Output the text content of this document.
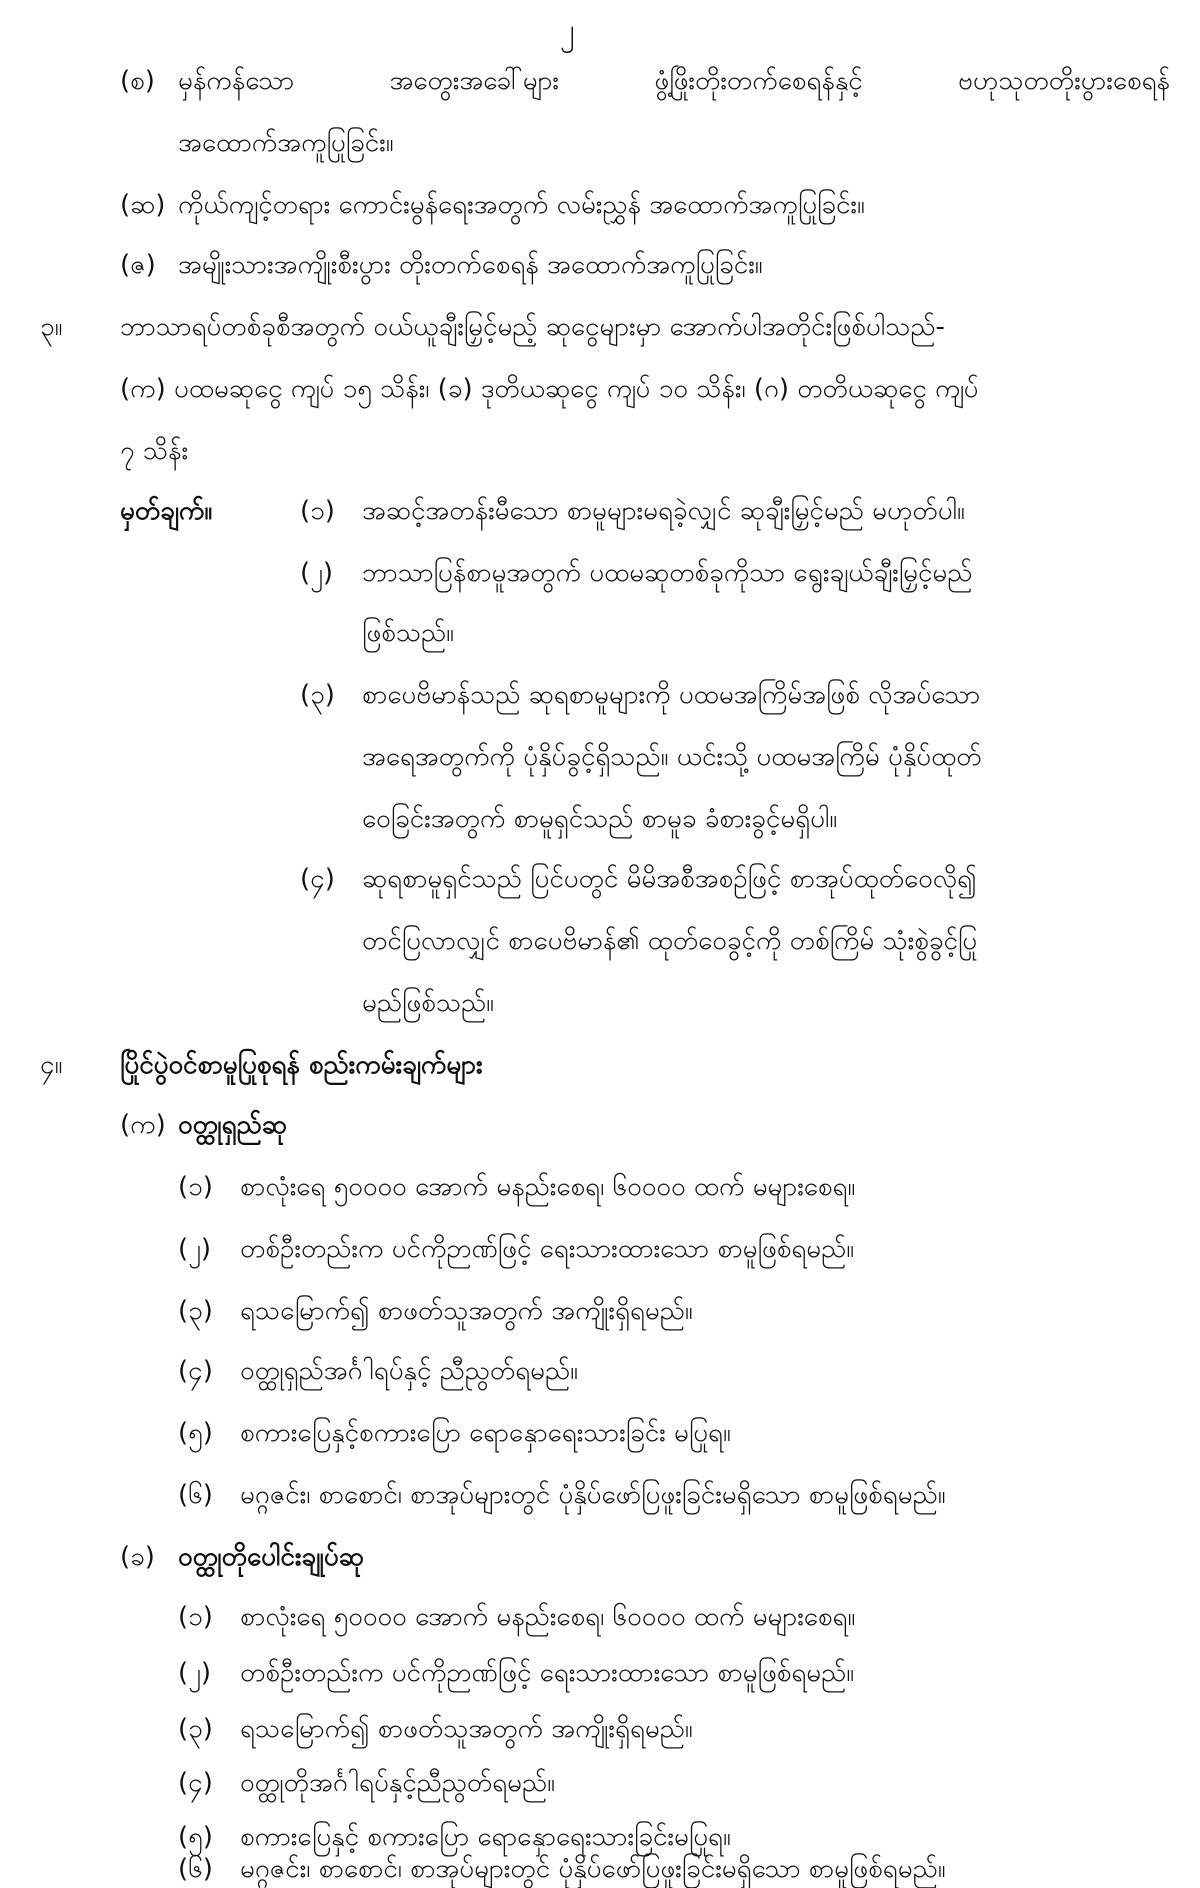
၂
(စ) မှန်ကန်သော	အတွေးအခေါ်များ	ဖွံ့ဖြိုးတိုးတက်စေရန်နှင့်	ဗဟုသုတတိုးပွားစေရန်
အထောက်အကူပြုခြင်း။
(ဆ) ကိုယ်ကျင့်တရား ကောင်းမွန်ရေးအတွက် လမ်းညွှန် အထောက်အကူပြုခြင်း။
(ဇ) အမျိုးသားအကျိုးစီးပွား တိုးတက်စေရန် အထောက်အကူပြုခြင်း။
၃။ ဘာသာရပ်တစ်ခုစီအတွက် ဝယ်ယူချီးမြှင့်မည့် ဆုငွေများမှာ အောက်ပါအတိုင်းဖြစ်ပါသည်-
(က) ပထမဆုငွေ ကျပ် ၁၅ သိန်း၊ (ခ) ဒုတိယဆုငွေ ကျပ် ၁၀ သိန်း၊ (ဂ) တတိယဆုငွေ ကျပ်
၇ သိန်း
မှတ်ချက်။	(၁) အဆင့်အတန်းမီသော စာမူများမရခဲ့လျှင် ဆုချီးမြှင့်မည် မဟုတ်ပါ။
(၂) ဘာသာပြန်စာမူအတွက် ပထမဆုတစ်ခုကိုသာ ရွေးချယ်ချီးမြှင့်မည်
ဖြစ်သည်။
(၃) စာပေဗိမာန်သည် ဆုရစာမူများကို ပထမအကြိမ်အဖြစ် လိုအပ်သော
အရေအတွက်ကို ပုံနှိပ်ခွင့်ရှိသည်။ ယင်းသို့ ပထမအကြိမ် ပုံနှိပ်ထုတ်
ဝေခြင်းအတွက် စာမူရှင်သည် စာမူခ ခံစားခွင့်မရှိပါ။
(၄) ဆုရစာမူရှင်သည် ပြင်ပတွင် မိမိအစီအစဉ်ဖြင့် စာအုပ်ထုတ်ဝေလို၍
တင်ပြလာလျှင် စာပေဗိမာန်၏ ထုတ်ဝေခွင့်ကို တစ်ကြိမ် သုံးစွဲခွင့်ပြု
မည်ဖြစ်သည်။
၄။ ပြိုင်ပွဲဝင်စာမူပြုစုရန် စည်းကမ်းချက်များ
(က) ဝတ္ထုရှည်ဆု
(၁) စာလုံးရေ ၅၀၀၀၀ အောက် မနည်းစေရ၊ ၆၀၀၀၀ ထက် မများစေရ။
(၂) တစ်ဦးတည်းက ပင်ကိုဉာဏ်ဖြင့် ရေးသားထားသော စာမူဖြစ်ရမည်။
(၃) ရသမြောက်၍ စာဖတ်သူအတွက် အကျိုးရှိရမည်။
(၄) ဝတ္ထုရှည်အင်္ဂါရပ်နှင့် ညီညွတ်ရမည်။
(၅) စကားပြေနှင့်စကားပြော ရောနှောရေးသားခြင်း မပြုရ။
(၆) မဂ္ဂဇင်း၊ စာစောင်၊ စာအုပ်များတွင် ပုံနှိပ်ဖော်ပြဖူးခြင်းမရှိသော စာမူဖြစ်ရမည်။
(ခ) ဝတ္ထုတိုပေါင်းချုပ်ဆု
(၁) စာလုံးရေ ၅၀၀၀၀ အောက် မနည်းစေရ၊ ၆၀၀၀၀ ထက် မများစေရ။
(၂) တစ်ဦးတည်းက ပင်ကိုဉာဏ်ဖြင့် ရေးသားထားသော စာမူဖြစ်ရမည်။
(၃) ရသမြောက်၍ စာဖတ်သူအတွက် အကျိုးရှိရမည်။
(၄) ဝတ္ထုတိုအင်္ဂါရပ်နှင့်ညီညွတ်ရမည်။
(၅) စကားပြေနှင့် စကားပြော ရောနှောရေးသားခြင်းမပြုရ။
(၆) မဂ္ဂဇင်း၊ စာစောင်၊ စာအုပ်များတွင် ပုံနှိပ်ဖော်ပြဖူးခြင်းမရှိသော စာမူဖြစ်ရမည်။
